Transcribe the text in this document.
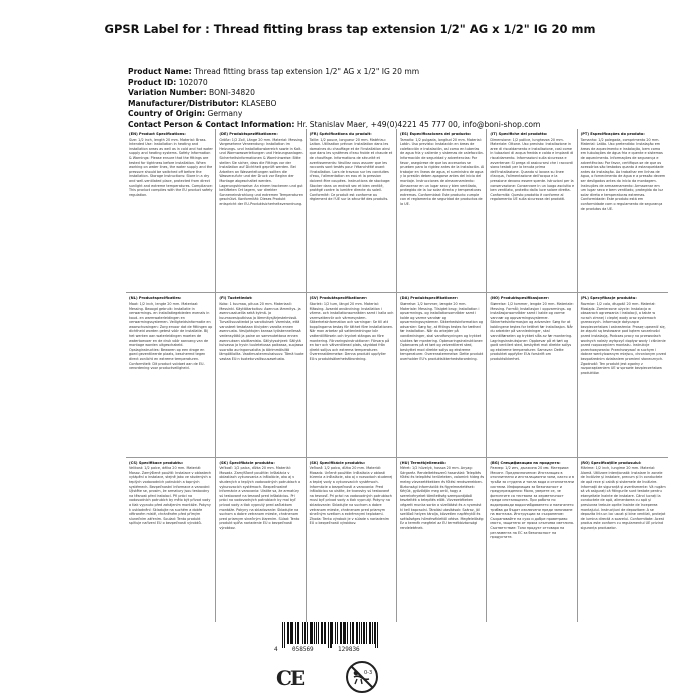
GPSR Label for : Thread fitting brass tap extension 1/2" AG x 1/2" IG 20 mm
Product Name: Thread fitting brass tap extension 1/2" AG x 1/2" IG 20 mm
Product ID: 102070
Variation Number: BONI-34820
Manufacturer/Distributor: KLASEBO
Country of Origin: Germany
Contact Person & Contact Information: Hr. Stanislav Maer, +49(0)4221 45 777 00, info@boni-shop.com
(EN) Product Specifications:
Size: 1/2 inch, length 20 mm. Material: Brass. Intended Use: Installation in heating and installation areas as well as in cold and hot water supply and heating systems. Safety Information & Warnings: Please ensure that the fittings are tested for tightness before installation. When working on water lines, the water supply and the pressure should be switched off before the installation. Storage Instructions: Store in a dry and well-ventilated place, protected from direct sunlight and extreme temperatures. Compliance: This product complies with the EU product safety regulation.
(DE) Produktspezifikationen:
Größe: 1/2 Zoll, Länge 20 mm. Material: Messing. Vorgesehene Verwendung: Installation im Heizungs- und Installationsbereich sowie in Kalt- und Warmwasserleitungen und Heizungsanlagen. Sicherheitsinformationen & Warnhinweise: Bitte stellen Sie sicher, dass die Fittings vor der Installation auf Dichtheit geprüft werden. Bei Arbeiten an Wasserleitungen sollten die Wasserzufuhr und der Druck vor Beginn der Montage abgeschaltet werden. Lagerungshinweise: An einem trockenen und gut belüfteten Ort lagern, vor direkter Sonneneinstrahlung und extremen Temperaturen geschützt. Konformität: Dieses Produkt entspricht der EU-Produktsicherheitsverordnung.
(FR) Spécifications du produit:
Taille: 1/2 pouce, longueur 20 mm. Matériau: Laiton. Utilisation prévue: Installation dans les domaines du chauffage et de l'installation ainsi que dans les systèmes d'eau froide et chaude et de chauffage. Informations de sécurité et avertissements: Veuillez vous assurer que les raccords sont testés pour l'étanchéité avant l'installation. Lors de travaux sur les conduites d'eau, l'alimentation en eau et la pression doivent être coupées. Instructions de stockage: Stocker dans un endroit sec et bien ventilé, protégé contre la lumière directe du soleil. Conformité: Ce produit est conforme au règlement de l'UE sur la sécurité des produits.
(ES) Especificaciones del producto:
Tamaño: 1/2 pulgada, longitud 20 mm. Material: Latón. Uso previsto: Instalación en áreas de calefacción e instalación, así como en tuberías de agua fría y caliente y sistemas de calefacción. Información de seguridad y advertencias: Por favor, asegúrese de que los accesorios se prueben para la rigidez antes de la instalación. Al trabajar en líneas de agua, el suministro de agua y la presión deben apagarse antes del inicio del montaje. Instrucciones de almacenamiento: Almacenar en un lugar seco y bien ventilado, protegido de la luz solar directa y temperaturas extremas. Conformidad: Este producto cumple con el reglamento de seguridad de productos de la UE.
(IT) Specifiche del prodotto:
Dimensione: 1/2 pollice, lunghezza 20 mm. Materiale: Ottone. Uso previsto: Installazione in aree di riscaldamento e installazione, così come in tubazioni di acqua fredda e calda e impianti di riscaldamento. Informazioni sulla sicurezza e avvertenze: Si prega di assicurarsi che i raccordi siano testati per la tenuta prima dell'installazione. Quando si lavora su linee d'acqua, l'alimentazione dell'acqua e la pressione devono essere spente. Istruzioni per la conservazione: Conservare in un luogo asciutto e ben ventilato, protetto dalla luce solare diretta. Conformità: Questo prodotto è conforme al regolamento UE sulla sicurezza dei prodotti.
(PT) Especificações do produto:
Tamanho: 1/2 polegada, comprimento 20 mm. Material: Latão. Uso pretendido: Instalação em áreas de aquecimento e instalação, bem como em tubulações de água fria e quente e sistemas de aquecimento. Informações de segurança e advertências: Por favor, certifique-se de que os acessórios são testados quanto à estanqueidade antes da instalação. Ao trabalhar em linhas de água, o fornecimento de água e a pressão devem ser desligados antes do início da montagem. Instruções de armazenamento: Armazenar em um lugar seco e bem ventilado, protegido da luz solar direta e temperaturas extremas. Conformidade: Este produto está em conformidade com o regulamento de segurança de produtos da UE.
(NL) Productspecificaties:
Maat: 1/2 inch, lengte 20 mm. Materiaal: Messing. Beoogd gebruik: Installatie in verwarmings- en installatiegebieden evenals in koud- en warmwaterleidingen en verwarmingssystemen. Veiligheidsinformatie en waarschuwingen: Zorg ervoor dat de fittingen op dichtheid worden getest vóór de installatie. Bij het werken aan waterleidingen moeten de watertoevoer en de druk vóór aanvang van de montage worden uitgeschakeld. Opslaginstructies: Bewaren op een droge en goed geventileerde plaats, beschermd tegen direct zonlicht en extreme temperaturen. Conformiteit: Dit product voldoet aan de EU-verordening voor productveiligheid.
(FI) Tuotetiedot:
Koko: 1 tuumaa, pituus 20 mm. Materiaali: Messinki. Käyttötarkoitus: Asennus lämmitys- ja asennusalueilla sekä kylmä- ja kuumavesiputkissa ja lämmitysjärjestelmissä. Turvallisuustiedot ja varoitukset: Varmista, että varusteet testataan tiiviyden varalta ennen asennusta. Vesijohtojen kanssa työskennellessä vedensyöttö ja paine on sammutettava ennen asennuksen aloittamista. Säilytysohjeet: Säilytä kuivassa ja hyvin tuuletetussa paikassa, suojassa suoralta auringonvalolta ja äärimmäisiltä lämpötiloilta. Vaatimustenmukaisuus: Tämä tuote vastaa EU:n tuoteturvallisuusasetusta.
(SV) Produktspecifikationer:
Storlek: 1/2 tum, längd 20 mm. Material: Mässing. Avsedd användning: Installation i värme- och installationsområden samt i kalla och varmvattenrör och värmesystem. Säkerhetsinformation och varningar: Se till att kopplingarna testas för täthet före installationen. När man arbetar på vattenledningar bör vattentillförseln och trycket stängas av före montering. Förvaringsinstruktioner: Förvara på en torr och välventilerad plats, skyddad från direkt solljus och extrema temperaturer. Överensstämmelse: Denna produkt uppfyller EU:s produktsäkerhetsförordning.
(DA) Produktspecifikationer:
Størrelse: 1/2 tommer, længde 20 mm. Materiale: Messing. Tilsigtet brug: Installation i opvarmnings- og installationsområder samt i kolde og varme vandrør og opvarmningssystemer. Sikkerhedsinformation og advarsler: Sørg for, at fittings testes for tæthed før installation. Når du arbejder på vandledninger, skal vandforsyningen og trykket slukkes før montering. Opbevaringsinstruktioner: Opbevares på et tørt og velventileret sted, beskyttet mod direkte sollys og ekstreme temperaturer. Overensstemmelse: Dette produkt overholder EU's produktsikkerhedsforordning.
(NO) Produktspesifikasjoner:
Størrelse: 1/2 tommer, lengde 20 mm. Materiale: Messing. Formål: Installasjon i oppvarmings- og installasjonsområder samt i kalde og varme vannrør og oppvarmingssystemer. Sikkerhetsinformasjon og advarsler: Sørg for at koblingene testes for tetthet før installasjon. Når du arbeider på vannledninger, skal vanntilførselen og trykket slås av før montering. Lagringsinstruksjoner: Oppbevar på et tørt og godt ventilert sted, beskyttet mot direkte sollys og ekstreme temperaturer. Samsvar: Dette produktet oppfyller EUs forskrift om produktsikkerhet.
(PL) Specyfikacje produktu:
Rozmiar: 1/2 cala, długość 20 mm. Materiał: Mosiądz. Zamierzone użycie: Instalacja w obszarach ogrzewania i instalacji, a także w rurach zimnej i ciepłej wody oraz systemach grzewczych. Informacje dotyczące bezpieczeństwa i ostrzeżenia: Proszę upewnić się, że złączki są testowane pod kątem szczelności przed instalacją. Podczas pracy na przewodach wodnych należy wyłączyć dopływ wody i ciśnienie przed rozpoczęciem montażu. Instrukcje przechowywania: Przechowywać w suchym i dobrze wentylowanym miejscu, chronionym przed bezpośrednim działaniem promieni słonecznych. Zgodność: Ten produkt jest zgodny z rozporządzeniem UE w sprawie bezpieczeństwa produktów.
(CS) Specifikace produktu:
Velikost: 1/2 palce, délka 20 mm. Materiál: Mosaz. Zamýšlené použití: Instalace v oblastech vytápění a instalace, stejně jako ve studených a teplých vodovodních potrubích a topných systémech. Bezpečnostní informace a varování: Ujistěte se, prosím, že armatury jsou testovány na těsnost před instalací. Při práci na vodovodních potrubích by mělo být přívod vody a tlak vypnuto před zahájením montáže. Pokyny k uskladnění: Skladujte na suchém a dobře větraném místě, chráněném před přímým slunečním zářením. Soulad: Tento produkt splňuje nařízení EU o bezpečnosti výrobků.
(SK) Špecifikácie produktu:
Veľkosť: 1/2 palca, dĺžka 20 mm. Materiál: Mosadz. Zamýšľané použitie: Inštalácia v oblastiach vykurovania a inštalácie, ako aj v studených a teplých vodovodných potrubiach a vykurovacích systémoch. Bezpečnostné informácie a varovania: Uistite sa, že armatúry sú testované na tesnosť pred inštaláciou. Pri práci na vodovodných potrubiach by mal byť prívod vody a tlak vypnutý pred začiatkom montáže. Pokyny na skladovanie: Skladujte na suchom a dobre vetranom mieste, chránenom pred priamym slnečným žiarením. Súlad: Tento produkt spĺňa nariadenie EÚ o bezpečnosti výrobkov.
(SK) Specifikácie produktu:
Veľkosť: 1/2 palca, dĺžka 20 mm. Materiál: Mosadz. Určené použitie: Inštalácia v oblasti kúrenia a inštalácie, ako aj v rozvodoch studenej a teplej vody a vykurovacích systémoch. Informácie o bezpečnosti a varovania: Pred inštaláciou sa uistite, že tvarovky sú testované na tesnosť. Pri práci na vodovodných potrubiach musí byť prívod vody a tlak vypnutý. Pokyny na skladovanie: Skladujte na suchom a dobre vetranom mieste, chránenom pred priamym slnečným svetlom a extrémnymi teplotami. Zhoda: Tento výrobok je v súlade s nariadením EÚ o bezpečnosti výrobkov.
(HU) Termékjellemzők:
Méret: 1/2 hüvelyk, hossza 20 mm. Anyag: Sárgaréz. Rendeltetésszerű használat: Telepítés fűtési és telepítési területeken, valamint hideg és meleg vízvezetékekben és fűtési rendszerekben. Biztonsági információk és figyelmeztetések: Kérjük, győződjön meg arról, hogy a szerelvényeket tömítettség szempontjából tesztelték a telepítés előtt. Vízvezetékeken végzett munka során a vízellátást és a nyomást ki kell kapcsolni. Tárolási utasítások: Száraz, jól szellőző helyen tárolja, közvetlen napfénytől és szélsőséges hőmérséklettől védve. Megfelelőség: Ez a termék megfelel az EU termékbiztonsági rendeletének.
(BG) Спецификации на продукта:
Размер: 1/2 инч, дължина 20 мм. Материал: Месинг. Предназначение: Инсталация в отоплителни и инсталационни зони, както и в тръби за студена и топла вода и отоплителни системи. Информация за безопасност и предупреждения: Моля, уверете се, че фитингите са тествани за херметичност преди инсталацията. При работа по водопроводи водоснабдяването и налягането трябва да бъдат изключени преди започване на монтажа. Инструкции за съхранение: Съхранявайте на сухо и добре проветриво място, защитено от пряка слънчева светлина. Съответствие: Този продукт отговаря на регламента на ЕС за безопасност на продуктите.
(RO) Specificațiile produsului:
Mărime: 1/2 inch, lungime 20 mm. Material: Alamă. Utilizare intenționată: Instalare în zonele de încălzire și instalare, precum și în conductele de apă rece și caldă și sistemele de încălzire. Informații de siguranță și avertismente: Vă rugăm să vă asigurați că fitingurile sunt testate pentru etanșeitate înainte de instalare. Când lucrați la conductele de apă, alimentarea cu apă și presiunea trebuie oprite înainte de începerea montajului. Instrucțiuni de depozitare: A se depozita într-un loc uscat și bine ventilat, protejat de lumina directă a soarelui. Conformitate: Acest produs este conform cu regulamentul UE privind siguranța produselor.
4 058569	129836
CE	0-3
